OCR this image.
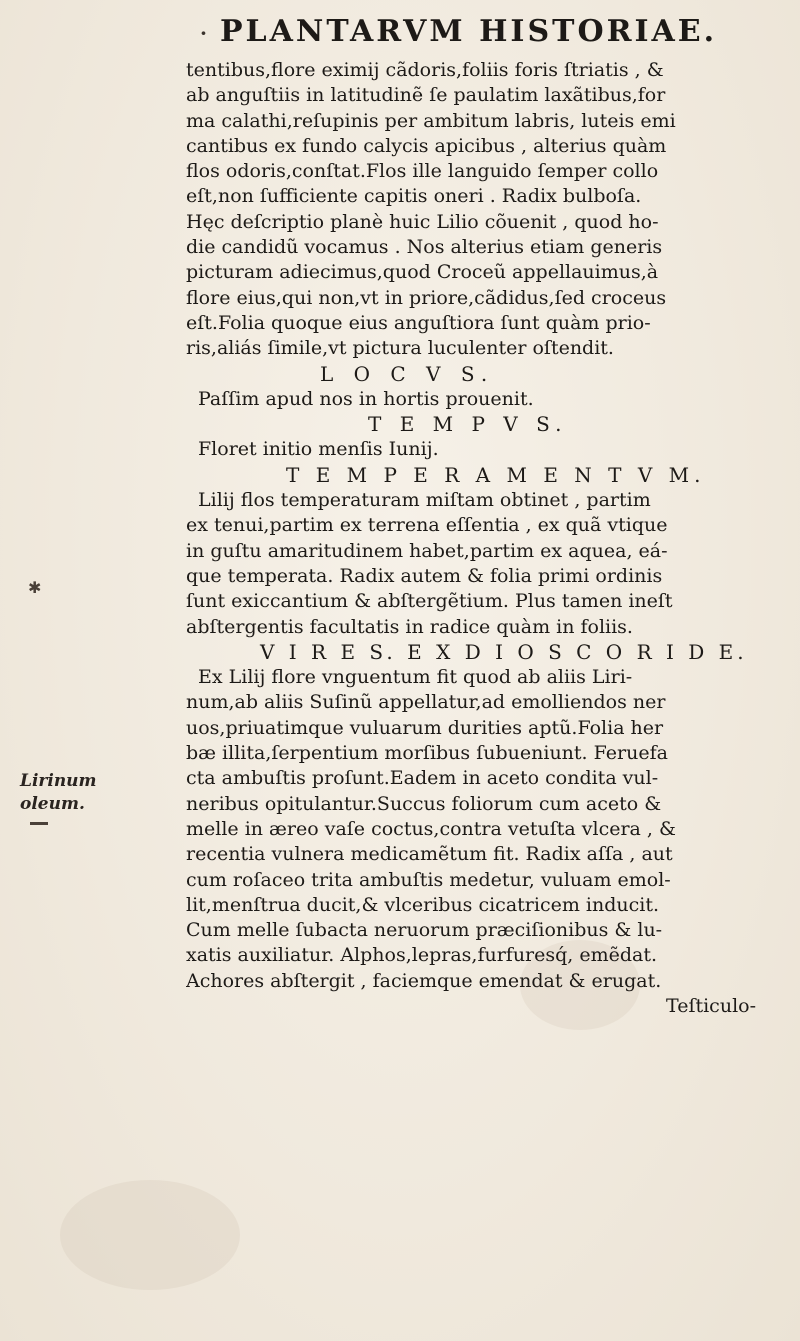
· PLANTARVM HISTORIAE.
✱
Lirinum
oleum.
tentibus,flore eximij cãdoris,foliis foris ſtriatis , &
ab anguſtiis in latitudinẽ ſe paulatim laxãtibus,for
ma calathi,reſupinis per ambitum labris, luteis emi
cantibus ex fundo calycis apicibus , alterius quàm
flos odoris,conſtat.Flos ille languido ſemper collo
eſt,non ſufficiente capitis oneri . Radix bulboſa.
Hęc deſcriptio planè huic Lilio cõuenit , quod ho-
die candidũ vocamus . Nos alterius etiam generis
picturam adiecimus,quod Croceũ appellauimus,à
flore eius,qui non,vt in priore,cãdidus,ſed croceus
eſt.Folia quoque eius anguſtiora ſunt quàm prio-
ris,aliás ſimile,vt pictura luculenter oſtendit.
L O C V S.
Paſſim apud nos in hortis prouenit.
T E M P V S.
Floret initio menſis Iunij.
T E M P E R A M E N T V M.
Lilij flos temperaturam miſtam obtinet , partim
ex tenui,partim ex terrena eſſentia , ex quã vtique
in guſtu amaritudinem habet,partim ex aquea, eá-
que temperata. Radix autem & folia primi ordinis
ſunt exiccantium & abſtergẽtium. Plus tamen ineſt
abſtergentis facultatis in radice quàm in foliis.
V I R E S. E X D I O S C O R I D E.
Ex Lilij flore vnguentum fit quod ab aliis Liri-
num,ab aliis Suſinũ appellatur,ad emolliendos ner
uos,priuatimque vuluarum durities aptũ.Folia her
bæ illita,ſerpentium morſibus ſubueniunt. Feruefa
cta ambuſtis proſunt.Eadem in aceto condita vul-
neribus opitulantur.Succus foliorum cum aceto &
melle in æreo vaſe coctus,contra vetuſta vlcera , &
recentia vulnera medicamẽtum fit. Radix aſſa , aut
cum roſaceo trita ambuſtis medetur, vuluam emol-
lit,menſtrua ducit,& vlceribus cicatricem inducit.
Cum melle ſubacta neruorum præciſionibus & lu-
xatis auxiliatur. Alphos,lepras,furfuresq́, emẽdat.
Achores abſtergit , faciemque emendat & erugat.
Teſticulo-
